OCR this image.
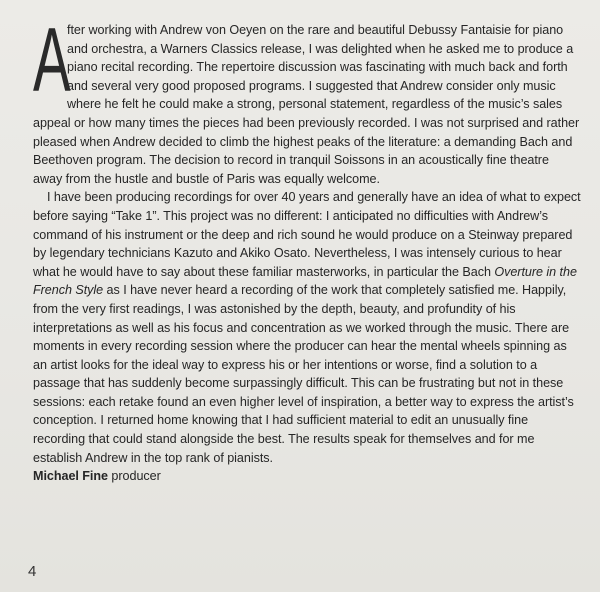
A
fter working with Andrew von Oeyen on the rare and beautiful Debussy Fantaisie for piano and orchestra, a Warners Classics release, I was delighted when he asked me to produce a piano recital recording. The repertoire discussion was fascinating with much back and forth and several very good proposed programs. I suggested that Andrew consider only music where he felt he could make a strong, personal statement, regardless of the music’s sales appeal or how many times the pieces had been previously recorded. I was not surprised and rather pleased when Andrew decided to climb the highest peaks of the literature: a demanding Bach and Beethoven program. The decision to record in tranquil Soissons in an acoustically fine theatre away from the hustle and bustle of Paris was equally welcome.

I have been producing recordings for over 40 years and generally have an idea of what to expect before saying “Take 1”. This project was no different: I anticipated no difficulties with Andrew’s command of his instrument or the deep and rich sound he would produce on a Steinway prepared by legendary technicians Kazuto and Akiko Osato. Nevertheless, I was intensely curious to hear what he would have to say about these familiar masterworks, in particular the Bach Overture in the French Style as I have never heard a recording of the work that completely satisfied me. Happily, from the very first readings, I was astonished by the depth, beauty, and profundity of his interpretations as well as his focus and concentration as we worked through the music. There are moments in every recording session where the producer can hear the mental wheels spinning as an artist looks for the ideal way to express his or her intentions or worse, find a solution to a passage that has suddenly become surpassingly difficult. This can be frustrating but not in these sessions: each retake found an even higher level of inspiration, a better way to express the artist’s conception. I returned home knowing that I had sufficient material to edit an unusually fine recording that could stand alongside the best. The results speak for themselves and for me establish Andrew in the top rank of pianists.

Michael Fine producer

4
